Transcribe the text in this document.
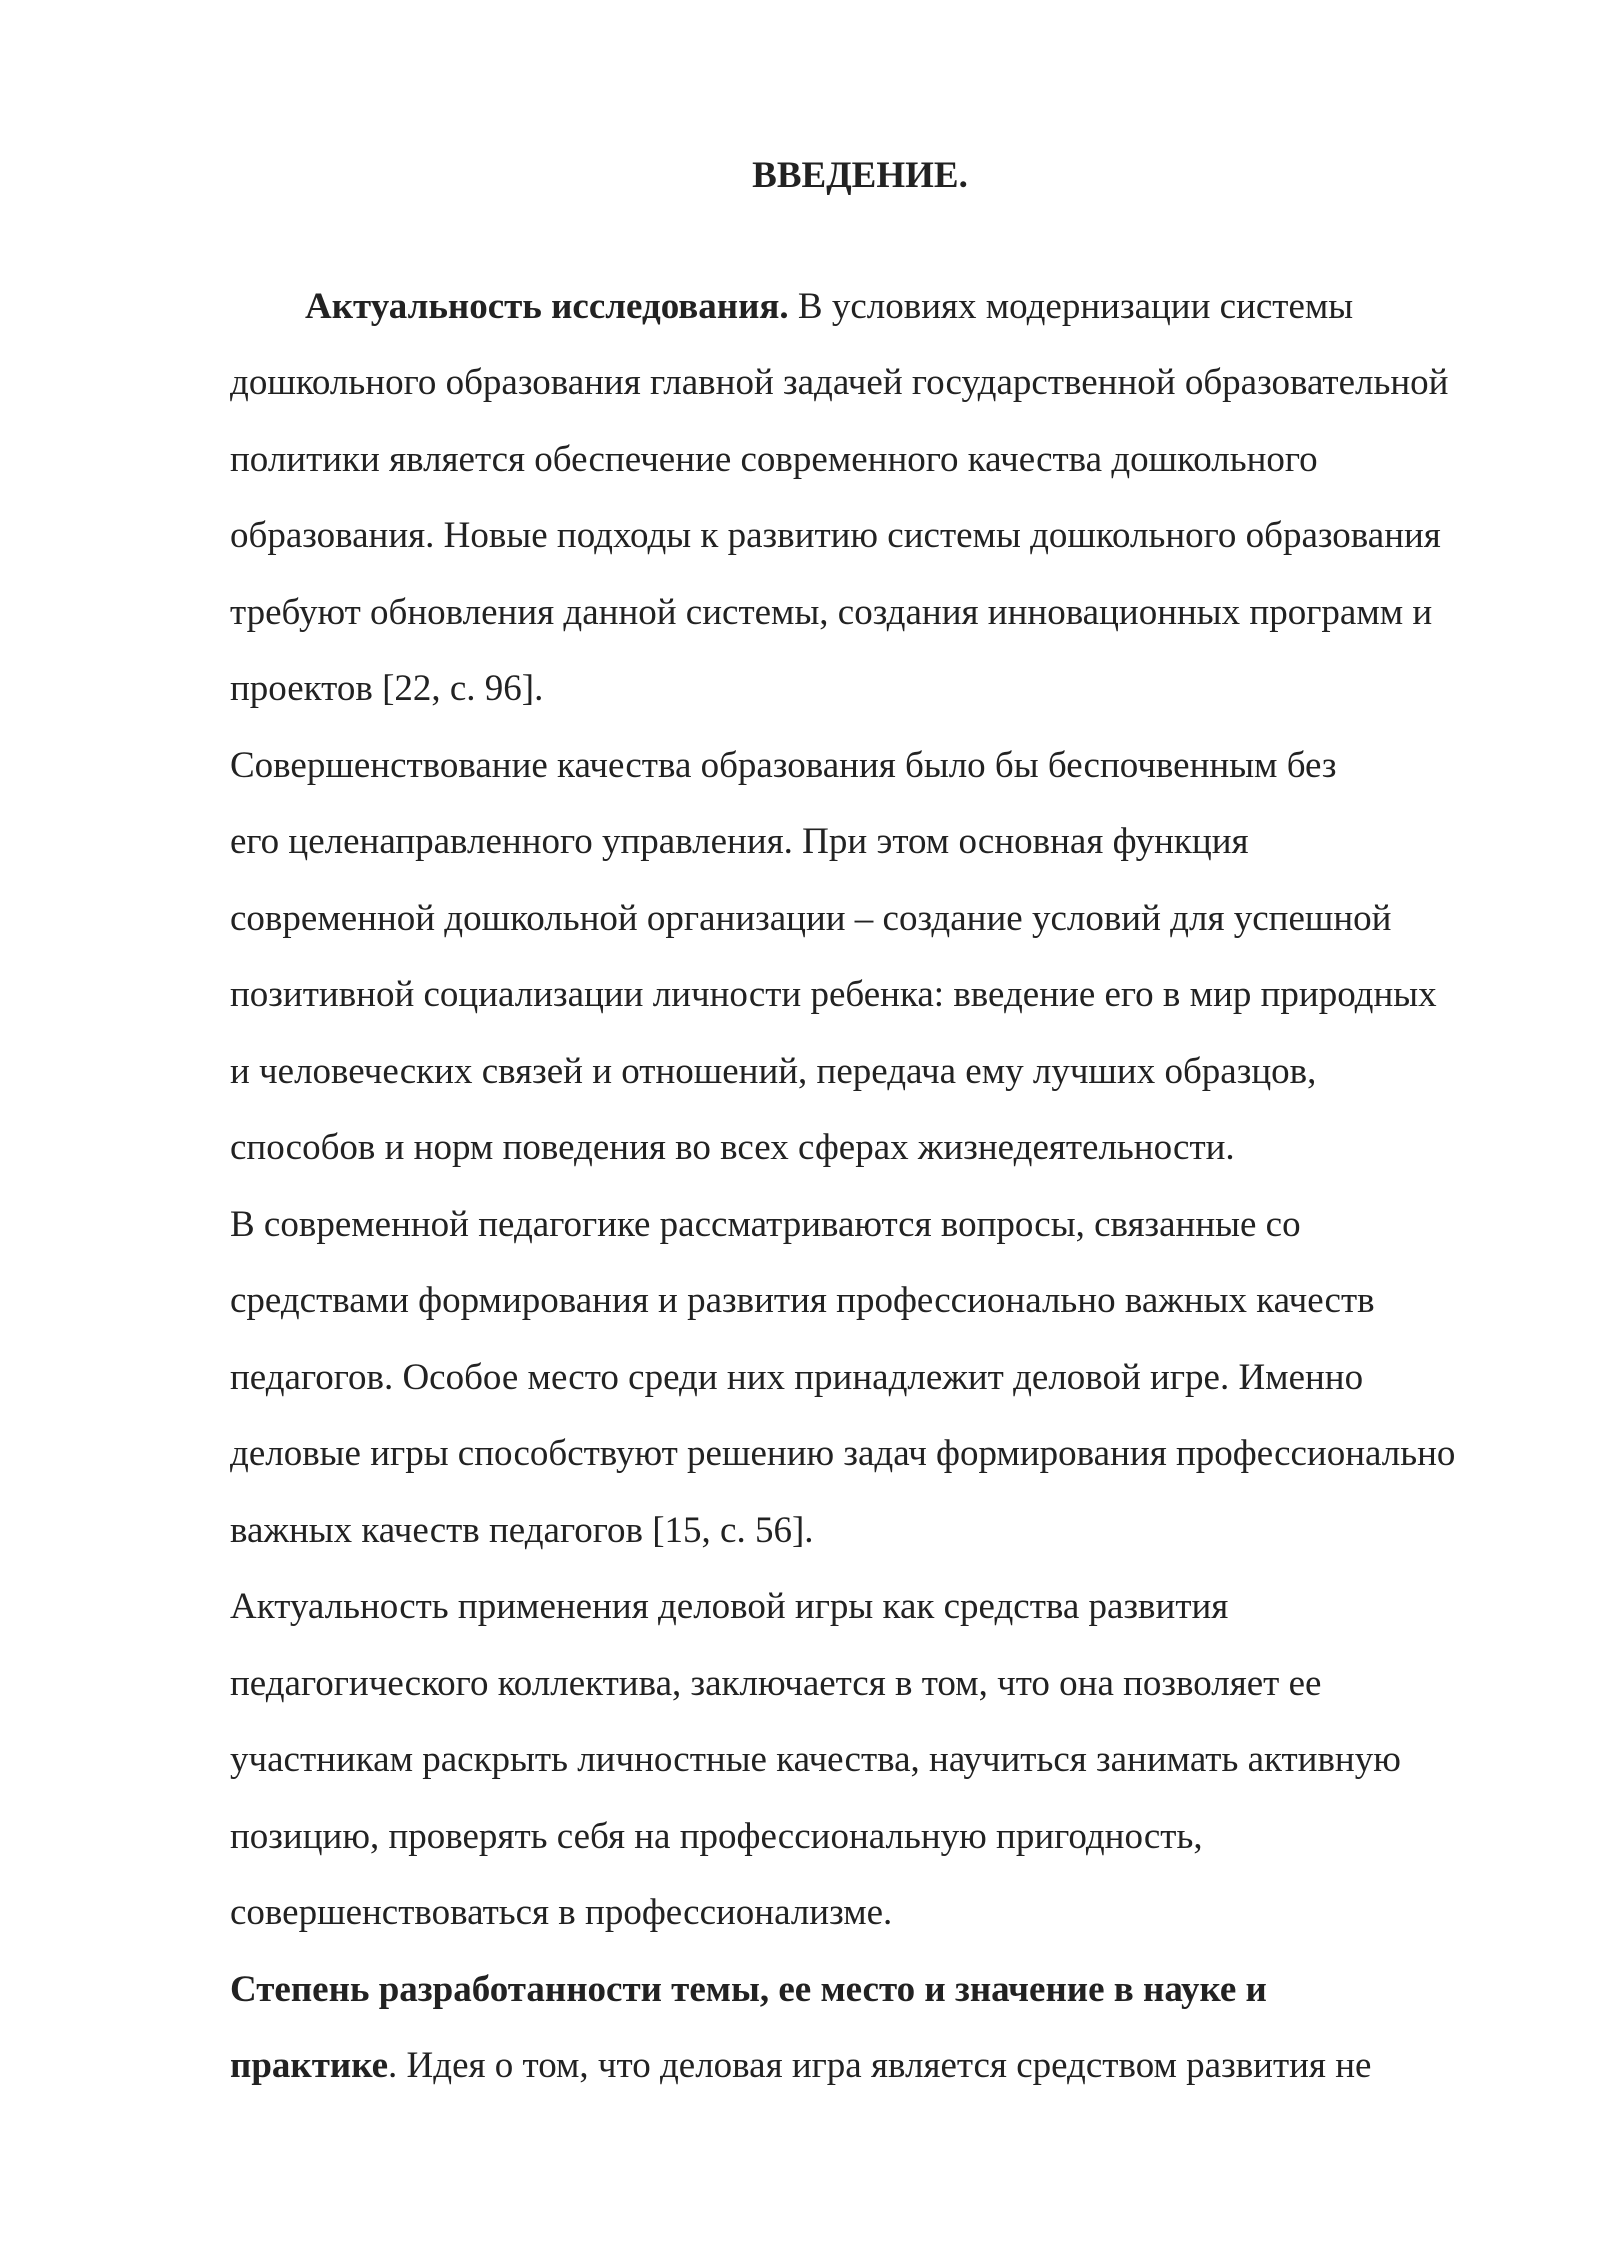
ВВЕДЕНИЕ.

Актуальность исследования. В условиях модернизации системы

дошкольного образования главной задачей государственной образовательной

политики является обеспечение современного качества дошкольного

образования. Новые подходы к развитию системы дошкольного образования

требуют обновления данной системы, создания инновационных программ и

проектов [22, с. 96].

Совершенствование качества образования было бы беспочвенным без

его целенаправленного управления. При этом основная функция

современной дошкольной организации – создание условий для успешной

позитивной социализации личности ребенка: введение его в мир природных

и человеческих связей и отношений, передача ему лучших образцов,

способов и норм поведения во всех сферах жизнедеятельности.

В современной педагогике рассматриваются вопросы, связанные со

средствами формирования и развития профессионально важных качеств

педагогов. Особое место среди них принадлежит деловой игре. Именно

деловые игры способствуют решению задач формирования профессионально

важных качеств педагогов [15, с. 56].

Актуальность применения деловой игры как средства развития

педагогического коллектива, заключается в том, что она позволяет ее

участникам раскрыть личностные качества, научиться занимать активную

позицию, проверять себя на профессиональную пригодность,

совершенствоваться в профессионализме.

Степень разработанности темы, ее место и значение в науке и

практике. Идея о том, что деловая игра является средством развития не
